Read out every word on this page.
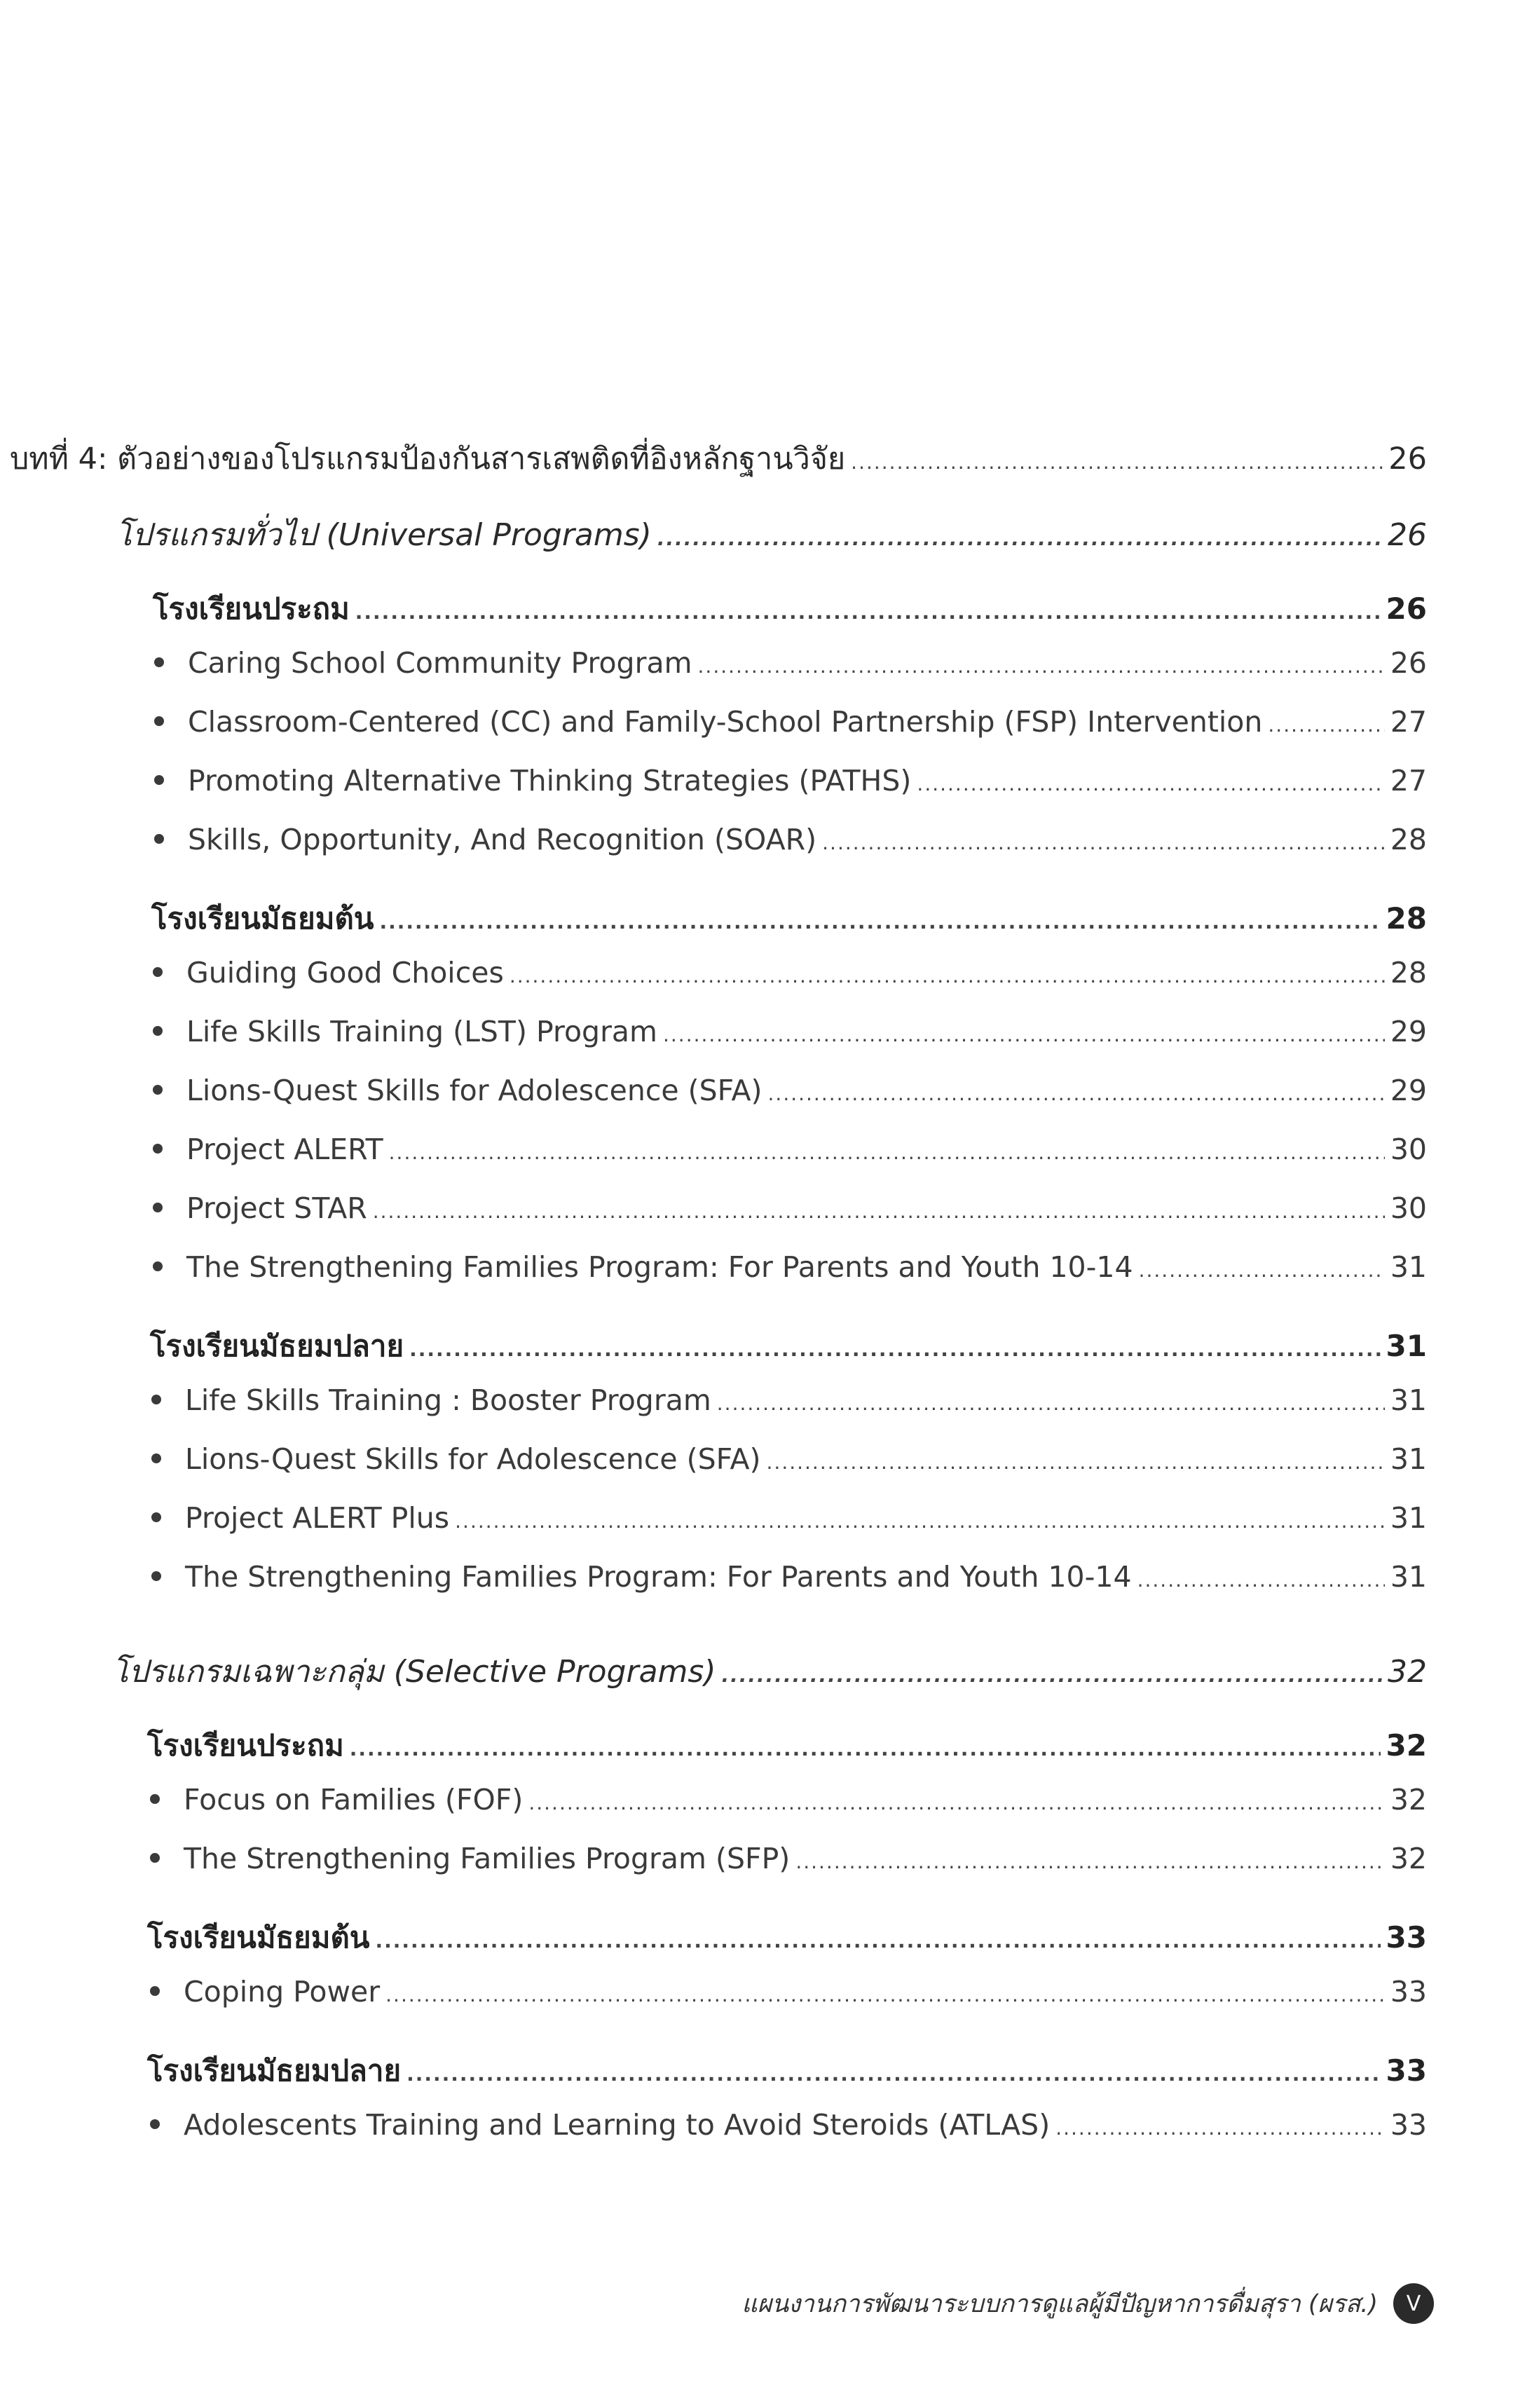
บทที่ 4: ตัวอย่างของโปรแกรมป้องกันสารเสพติดที่อิงหลักฐานวิจัย .....	26
โปรแกรมทั่วไป (Universal Programs) .....	26
โรงเรียนประถม .....	26
Caring School Community Program .....	26
Classroom-Centered (CC) and Family-School Partnership (FSP) Intervention .....	27
Promoting Alternative Thinking Strategies (PATHS) .....	27
Skills, Opportunity, And Recognition (SOAR) .....	28
โรงเรียนมัธยมต้น .....	28
Guiding Good Choices .....	28
Life Skills Training (LST) Program .....	29
Lions-Quest Skills for Adolescence (SFA) .....	29
Project ALERT .....	30
Project STAR .....	30
The Strengthening Families Program: For Parents and Youth 10-14 .....	31
โรงเรียนมัธยมปลาย .....	31
Life Skills Training : Booster Program .....	31
Lions-Quest Skills for Adolescence (SFA) .....	31
Project ALERT Plus .....	31
The Strengthening Families Program: For Parents and Youth 10-14 .....	31
โปรแกรมเฉพาะกลุ่ม (Selective Programs) .....	32
โรงเรียนประถม .....	32
Focus on Families (FOF) .....	32
The Strengthening Families Program (SFP) .....	32
โรงเรียนมัธยมต้น .....	33
Coping Power .....	33
โรงเรียนมัธยมปลาย .....	33
Adolescents Training and Learning to Avoid Steroids (ATLAS) .....	33
แผนงานการพัฒนาระบบการดูแลผู้มีปัญหาการดื่มสุรา (ผรส.)	V
